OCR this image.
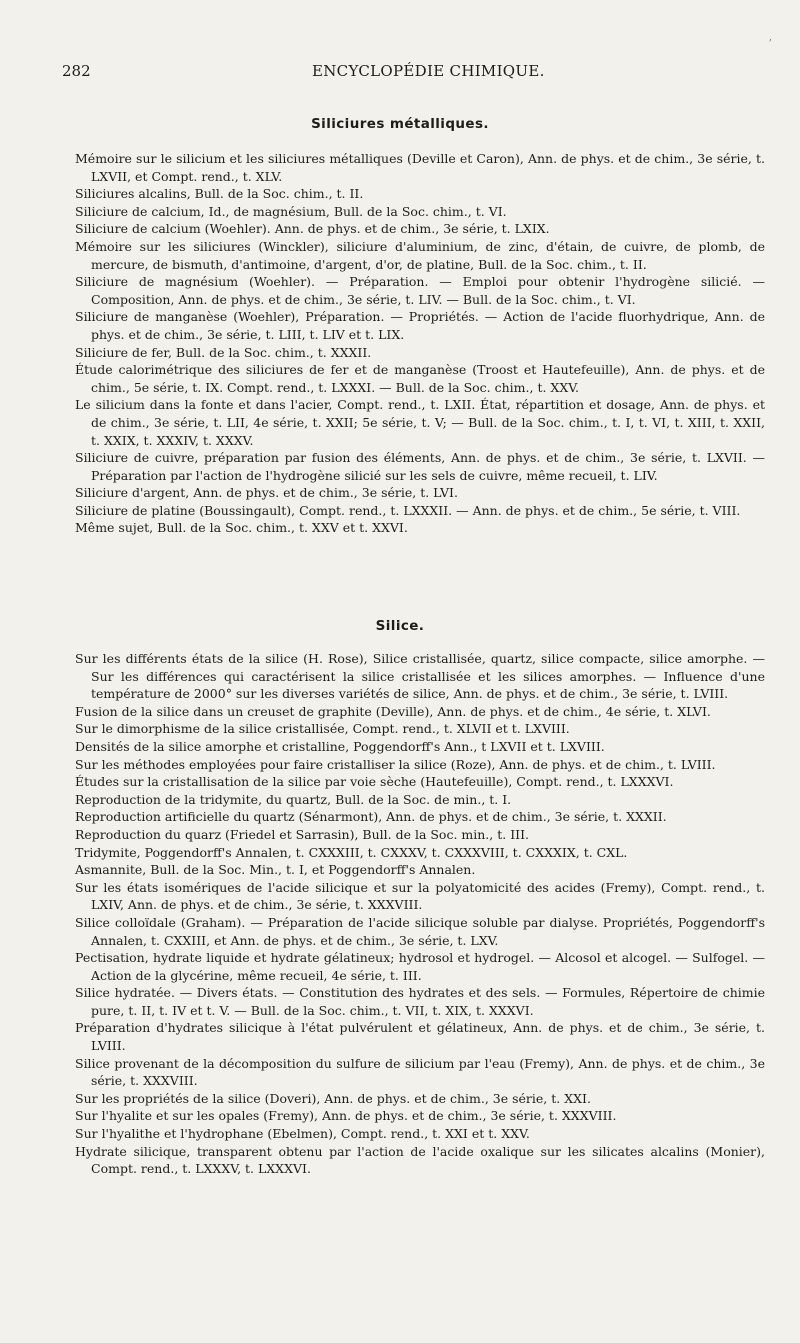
,
282	ENCYCLOPÉDIE CHIMIQUE.
Siliciures métalliques.

Mémoire sur le silicium et les siliciures métalliques (Deville et Caron), Ann. de phys. et de chim., 3e série, t. LXVII, et Compt. rend., t. XLV.

Siliciures alcalins, Bull. de la Soc. chim., t. II.

Siliciure de calcium, Id., de magnésium, Bull. de la Soc. chim., t. VI.

Siliciure de calcium (Woehler). Ann. de phys. et de chim., 3e série, t. LXIX.

Mémoire sur les siliciures (Winckler), siliciure d'aluminium, de zinc, d'étain, de cuivre, de plomb, de mercure, de bismuth, d'antimoine, d'argent, d'or, de platine, Bull. de la Soc. chim., t. II.

Siliciure de magnésium (Woehler). — Préparation. — Emploi pour obtenir l'hydrogène silicié. — Composition, Ann. de phys. et de chim., 3e série, t. LIV. — Bull. de la Soc. chim., t. VI.

Siliciure de manganèse (Woehler), Préparation. — Propriétés. — Action de l'acide fluorhydrique, Ann. de phys. et de chim., 3e série, t. LIII, t. LIV et t. LIX.

Siliciure de fer, Bull. de la Soc. chim., t. XXXII.

Étude calorimétrique des siliciures de fer et de manganèse (Troost et Hautefeuille), Ann. de phys. et de chim., 5e série, t. IX. Compt. rend., t. LXXXI. — Bull. de la Soc. chim., t. XXV.

Le silicium dans la fonte et dans l'acier, Compt. rend., t. LXII. État, répartition et dosage, Ann. de phys. et de chim., 3e série, t. LII, 4e série, t. XXII; 5e série, t. V; — Bull. de la Soc. chim., t. I, t. VI, t. XIII, t. XXII, t. XXIX, t. XXXIV, t. XXXV.

Siliciure de cuivre, préparation par fusion des éléments, Ann. de phys. et de chim., 3e série, t. LXVII. — Préparation par l'action de l'hydrogène silicié sur les sels de cuivre, même recueil, t. LIV.

Siliciure d'argent, Ann. de phys. et de chim., 3e série, t. LVI.

Siliciure de platine (Boussingault), Compt. rend., t. LXXXII. — Ann. de phys. et de chim., 5e série, t. VIII.

Même sujet, Bull. de la Soc. chim., t. XXV et t. XXVI.

Silice.

Sur les différents états de la silice (H. Rose), Silice cristallisée, quartz, silice compacte, silice amorphe. — Sur les différences qui caractérisent la silice cristallisée et les silices amorphes. — Influence d'une température de 2000° sur les diverses variétés de silice, Ann. de phys. et de chim., 3e série, t. LVIII.

Fusion de la silice dans un creuset de graphite (Deville), Ann. de phys. et de chim., 4e série, t. XLVI.

Sur le dimorphisme de la silice cristallisée, Compt. rend., t. XLVII et t. LXVIII.

Densités de la silice amorphe et cristalline, Poggendorff's Ann., t LXVII et t. LXVIII.

Sur les méthodes employées pour faire cristalliser la silice (Roze), Ann. de phys. et de chim., t. LVIII.

Études sur la cristallisation de la silice par voie sèche (Hautefeuille), Compt. rend., t. LXXXVI.

Reproduction de la tridymite, du quartz, Bull. de la Soc. de min., t. I.

Reproduction artificielle du quartz (Sénarmont), Ann. de phys. et de chim., 3e série, t. XXXII.

Reproduction du quarz (Friedel et Sarrasin), Bull. de la Soc. min., t. III.

Tridymite, Poggendorff's Annalen, t. CXXXIII, t. CXXXV, t. CXXXVIII, t. CXXXIX, t. CXL.

Asmannite, Bull. de la Soc. Min., t. I, et Poggendorff's Annalen.

Sur les états isomériques de l'acide silicique et sur la polyatomicité des acides (Fremy), Compt. rend., t. LXIV, Ann. de phys. et de chim., 3e série, t. XXXVIII.

Silice colloïdale (Graham). — Préparation de l'acide silicique soluble par dialyse. Propriétés, Poggendorff's Annalen, t. CXXIII, et Ann. de phys. et de chim., 3e série, t. LXV.

Pectisation, hydrate liquide et hydrate gélatineux; hydrosol et hydrogel. — Alcosol et alcogel. — Sulfogel. — Action de la glycérine, même recueil, 4e série, t. III.

Silice hydratée. — Divers états. — Constitution des hydrates et des sels. — Formules, Répertoire de chimie pure, t. II, t. IV et t. V. — Bull. de la Soc. chim., t. VII, t. XIX, t. XXXVI.

Préparation d'hydrates silicique à l'état pulvérulent et gélatineux, Ann. de phys. et de chim., 3e série, t. LVIII.

Silice provenant de la décomposition du sulfure de silicium par l'eau (Fremy), Ann. de phys. et de chim., 3e série, t. XXXVIII.

Sur les propriétés de la silice (Doveri), Ann. de phys. et de chim., 3e série, t. XXI.

Sur l'hyalite et sur les opales (Fremy), Ann. de phys. et de chim., 3e série, t. XXXVIII.

Sur l'hyalithe et l'hydrophane (Ebelmen), Compt. rend., t. XXI et t. XXV.

Hydrate silicique, transparent obtenu par l'action de l'acide oxalique sur les silicates alcalins (Monier), Compt. rend., t. LXXXV, t. LXXXVI.
